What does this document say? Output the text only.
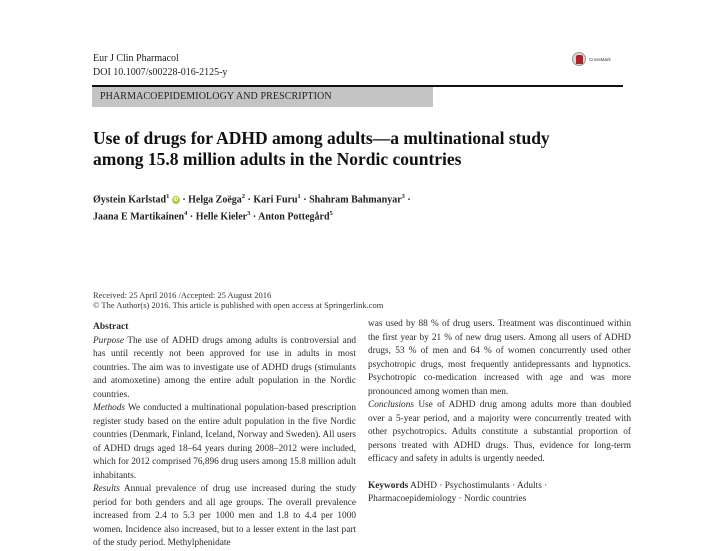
Eur J Clin Pharmacol
DOI 10.1007/s00228-016-2125-y
CrossMark
PHARMACOEPIDEMIOLOGY AND PRESCRIPTION
Use of drugs for ADHD among adults—a multinational study
among 15.8 million adults in the Nordic countries
Øystein Karlstad$^1$ iD · Helga Zoëga$^2$ · Kari Furu$^1$ · Shahram Bahmanyar$^3$ ·
Jaana E Martikainen$^4$ · Helle Kieler$^3$ · Anton Pottegård$^5$
Received: 25 April 2016 /Accepted: 25 August 2016
© The Author(s) 2016. This article is published with open access at Springerlink.com

Abstract

Purpose The use of ADHD drugs among adults is controversial and has until recently not been approved for use in adults in most countries. The aim was to investigate use of ADHD drugs (stimulants and atomoxetine) among the entire adult population in the Nordic countries.

Methods We conducted a multinational population-based prescription register study based on the entire adult population in the five Nordic countries (Denmark, Finland, Iceland, Norway and Sweden). All users of ADHD drugs aged 18–64 years during 2008–2012 were included, which for 2012 comprised 76,896 drug users among 15.8 million adult inhabitants.

Results Annual prevalence of drug use increased during the study period for both genders and all age groups. The overall prevalence increased from 2.4 to 5.3 per 1000 men and 1.8 to 4.4 per 1000 women. Incidence also increased, but to a lesser extent in the last part of the study period. Methylphenidate

was used by 88 % of drug users. Treatment was discontinued within the first year by 21 % of new drug users. Among all users of ADHD drugs, 53 % of men and 64 % of women concurrently used other psychotropic drugs, most frequently antidepressants and hypnotics. Psychotropic co-medication increased with age and was more pronounced among women than men.

Conclusions Use of ADHD drug among adults more than doubled over a 5-year period, and a majority were concurrently treated with other psychotropics. Adults constitute a substantial proportion of persons treated with ADHD drugs. Thus, evidence for long-term efficacy and safety in adults is urgently needed.

Keywords ADHD · Psychostimulants · Adults · Pharmacoepidemiology · Nordic countries
